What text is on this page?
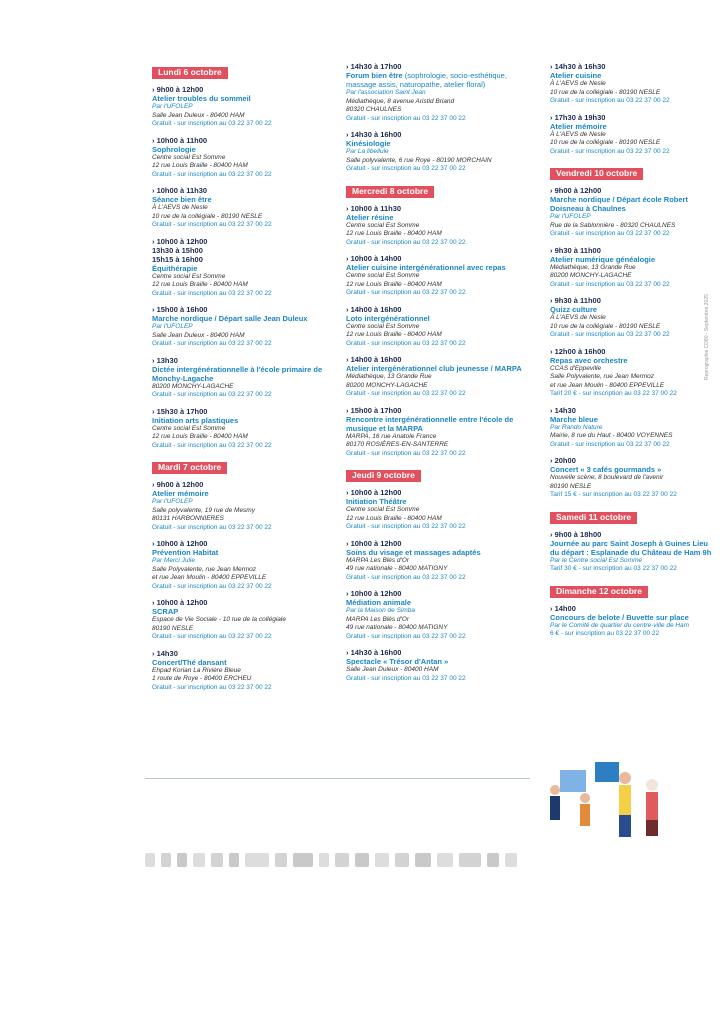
Lundi 6 octobre
› 9h00 à 12h00
Atelier troubles du sommeil
Par l'UFOLEP
Salle Jean Duleux - 80400 HAM
Gratuit - sur inscription au 03 22 37 00 22
› 10h00 à 11h00
Sophrologie
Centre social Est Somme
12 rue Louis Braille - 80400 HAM
Gratuit - sur inscription au 03 22 37 00 22
› 10h00 à 11h30
Séance bien être
À L'AEVS de Nesle
10 rue de la collégiale - 80190 NESLE
Gratuit - sur inscription au 03 22 37 00 22
› 10h00 à 12h00
13h30 à 15h00
15h15 à 16h00
Équithérapie
Centre social Est Somme
12 rue Louis Braille - 80400 HAM
Gratuit - sur inscription au 03 22 37 00 22
› 15h00 à 16h00
Marche nordique / Départ salle Jean Duleux
Par l'UFOLEP
Salle Jean Duleux - 80400 HAM
Gratuit - sur inscription au 03 22 37 00 22
› 13h30
Dictée intergénérationnelle à l'école primaire de Monchy-Lagache
80200 MONCHY-LAGACHE
Gratuit - sur inscription au 03 22 37 00 22
› 15h30 à 17h00
Initiation arts plastiques
Centre social Est Somme
12 rue Louis Braille - 80400 HAM
Gratuit - sur inscription au 03 22 37 00 22
Mardi 7 octobre
› 9h00 à 12h00
Atelier mémoire
Par l'UFOLEP
Salle polyvalente, 19 rue de Mesmy
80131 HARBONNIERES
Gratuit - sur inscription au 03 22 37 00 22
› 10h00 à 12h00
Prévention Habitat
Par Merci Julie
Salle Polyvalente, rue Jean Mermoz
et rue Jean Moulin - 80400 EPPEVILLE
Gratuit - sur inscription au 03 22 37 00 22
› 10h00 à 12h00
SCRAP
Espace de Vie Sociale - 10 rue de la collégiale
80190 NESLE
Gratuit - sur inscription au 03 22 37 00 22
› 14h30
Concert/Thé dansant
Ehpad Korian La Rivière Bleue
1 route de Roye - 80400 ERCHEU
Gratuit - sur inscription au 03 22 37 00 22
› 14h30 à 17h00
Forum bien être (sophrologie, socio-esthétique, massage assis, naturopathe, atelier floral)
Par l'association Saint Jean
Médiathèque, 8 avenue Aristid Briand
80320 CHAULNES
Gratuit - sur inscription au 03 22 37 00 22
› 14h30 à 16h00
Kinésiologie
Par La libellule
Salle polyvalente, 6 rue Roye - 80190 MORCHAIN
Gratuit - sur inscription au 03 22 37 00 22
Mercredi 8 octobre
› 10h00 à 11h30
Atelier résine
Centre social Est Somme
12 rue Louis Braille - 80400 HAM
Gratuit - sur inscription au 03 22 37 00 22
› 10h00 à 14h00
Atelier cuisine intergénérationnel avec repas
Centre social Est Somme
12 rue Louis Braille - 80400 HAM
Gratuit - sur inscription au 03 22 37 00 22
› 14h00 à 16h00
Loto intergénérationnel
Centre social Est Somme
12 rue Louis Braille - 80400 HAM
Gratuit - sur inscription au 03 22 37 00 22
› 14h00 à 16h00
Atelier intergénérationnel club jeunesse / MARPA
Médiathèque, 13 Grande Rue
80200 MONCHY-LAGACHE
Gratuit - sur inscription au 03 22 37 00 22
› 15h00 à 17h00
Rencontre intergénérationnelle entre l'école de musique et la MARPA
MARPA, 16 rue Anatole France
80170 ROSIÈRES-EN-SANTERRE
Gratuit - sur inscription au 03 22 37 00 22
Jeudi 9 octobre
› 10h00 à 12h00
Initiation Théâtre
Centre social Est Somme
12 rue Louis Braille - 80400 HAM
Gratuit - sur inscription au 03 22 37 00 22
› 10h00 à 12h00
Soins du visage et massages adaptés
MARPA Les Blés d'Or
49 rue nationale - 80400 MATIGNY
Gratuit - sur inscription au 03 22 37 00 22
› 10h00 à 12h00
Médiation animale
Par la Maison de Simba
MARPA Les Blés d'Or
49 rue nationale - 80400 MATIGNY
Gratuit - sur inscription au 03 22 37 00 22
› 14h30 à 16h00
Spectacle « Trésor d'Antan »
Salle Jean Duleux - 80400 HAM
Gratuit - sur inscription au 03 22 37 00 22
› 14h30 à 16h30
Atelier cuisine
À L'AEVS de Nesle
10 rue de la collégiale - 80190 NESLE
Gratuit - sur inscription au 03 22 37 00 22
› 17h30 à 19h30
Atelier mémoire
À L'AEVS de Nesle
10 rue de la collégiale - 80190 NESLE
Gratuit - sur inscription au 03 22 37 00 22
Vendredi 10 octobre
› 9h00 à 12h00
Marche nordique / Départ école Robert Doisneau à Chaulnes
Par l'UFOLEP
Rue de la Sablonnière - 80320 CHAULNES
Gratuit - sur inscription au 03 22 37 00 22
› 9h30 à 11h00
Atelier numérique généalogie
Médiathèque, 13 Grande Rue
80200 MONCHY-LAGACHE
Gratuit - sur inscription au 03 22 37 00 22
› 9h30 à 11h00
Quizz culture
À L'AEVS de Nesle
10 rue de la collégiale - 80190 NESLE
Gratuit - sur inscription au 03 22 37 00 22
› 12h00 à 16h00
Repas avec orchestre
CCAS d'Eppeville
Salle Polyvalente, rue Jean Mermoz
et rue Jean Moulin - 80400 EPPEVILLE
Tarif 20 € - sur inscription au 03 22 37 00 22
› 14h30
Marche bleue
Par Rando Nature
Mairie, 8 rue du Haut - 80400 VOYENNES
Gratuit - sur inscription au 03 22 37 00 22
› 20h00
Concert « 3 cafés gourmands »
Nouvelle scène, 8 boulevard de l'avenir
80190 NESLE
Tarif 15 € - sur inscription au 03 22 37 00 22
Samedi 11 octobre
› 9h00 à 18h00
Journée au parc Saint Joseph à Guines Lieu du départ : Esplanade du Château de Ham 9h
Par le Centre social Est Somme
Tarif 30 € - sur inscription au 03 22 37 00 22
Dimanche 12 octobre
› 14h00
Concours de belote / Buvette sur place
Par le Comité de quartier du centre-ville de Ham
6 € - sur inscription au 03 22 37 00 22
Reprographie CD80 - Septembre 2025
